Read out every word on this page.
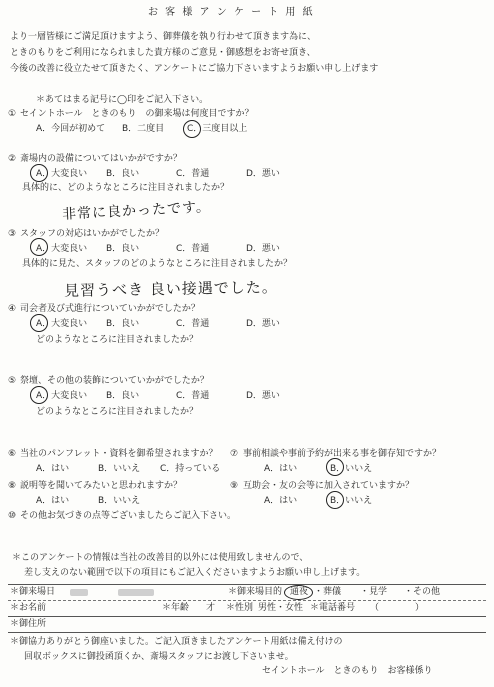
お 客 様 ア ン ケ ー ト 用 紙
より一層皆様にご満足頂けますよう、御葬儀を執り行わせて頂きます為に、
ときのもりをご利用になられました貴方様のご意見・御感想をお寄せ頂き、
今後の改善に役立たせて頂きたく、アンケートにご協力下さいますようお願い申し上げます
＊あてはまる記号に◯印をご記入下さい。
① セイントホール　ときのもり　の御来場は何度目ですか？
A．今回が初めて B．二度目	C．三度目以上
② 斎場内の設備についてはいかがですか？
A．大変良い B．良い	C．普通	D．悪い
具体的に、どのようなところに注目されましたか？
非常に良かったです。
③ スタッフの対応はいかがでしたか？
A．大変良い B．良い	C．普通	D．悪い
具体的に見た、スタッフのどのようなところに注目されましたか？
見習うべき 良い接遇でした。
④ 司会者及び式進行についていかがでしたか？
A．大変良い B．良い	C．普通	D．悪い
どのようなところに注目されましたか？
⑤ 祭壇、その他の装飾についていかがでしたか？
A．大変良い B．良い	C．普通	D．悪い
どのようなところに注目されましたか？
⑥ 当社のパンフレット・資料を御希望されますか？
A．はい	B．いいえ C．持っている
⑦ 事前相談や事前予約が出来る事を御存知ですか？
A．はい	B．いいえ
⑧ 説明等を聞いてみたいと思われますか？
A．はい	B．いいえ
⑨ 互助会・友の会等に加入されていますか？
A．はい	B．いいえ
⑩ その他お気づきの点等ございましたらご記入下さい。
＊このアンケートの情報は当社の改善目的以外には使用致しませんので、
差し支えのない範囲で以下の項目にもご記入くださいますようお願い申し上げます。
＊御来場日	＊御来場目的 通夜 ・葬儀 ・見学 ・その他
＊お名前	＊年齢 才 ＊性別 男性・女性 ＊電話番号 （　　　　）
＊御住所
＊御協力ありがとう御座いました。ご記入頂きましたアンケート用紙は備え付けの
回収ボックスに御投函頂くか、斎場スタッフにお渡し下さいませ。
セイントホール　ときのもり　お客様係り
